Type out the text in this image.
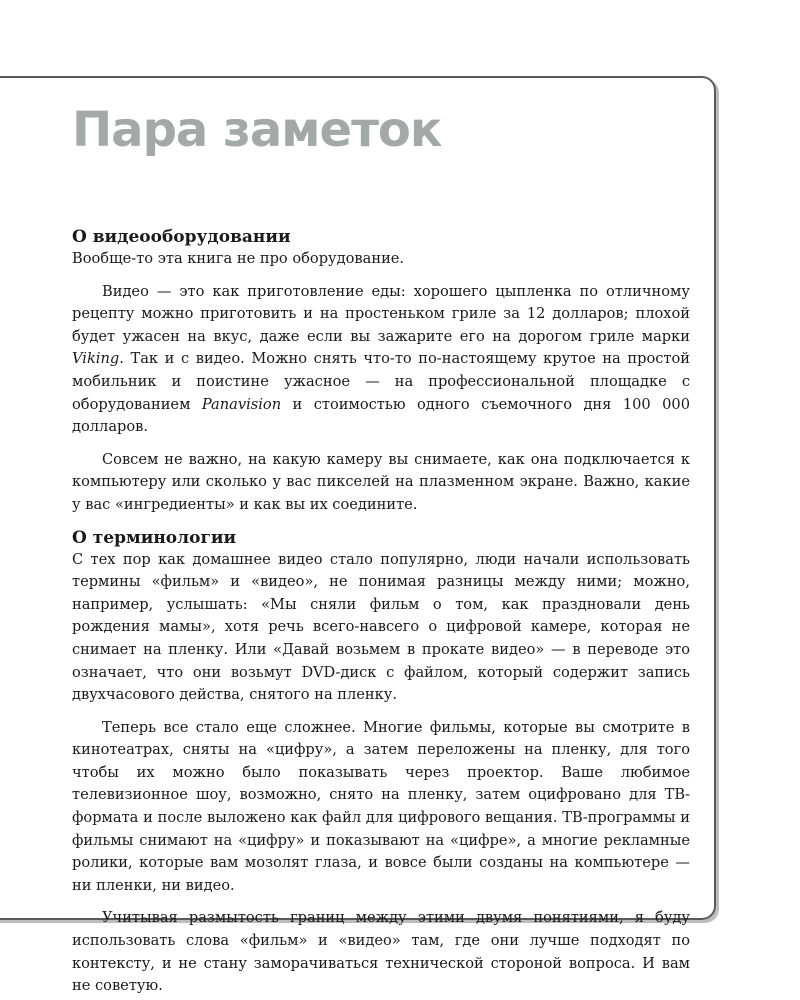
Пара заметок
О видеооборудовании

Вообще-то эта книга не про оборудование.

Видео — это как приготовление еды: хорошего цыпленка по отличному рецепту можно приготовить и на простеньком гриле за 12 долларов; плохой будет ужасен на вкус, даже если вы зажарите его на дорогом гриле марки Viking. Так и с видео. Можно снять что-то по-настоящему крутое на простой мобильник и поистине ужасное — на профессиональной площадке с оборудованием Panavision и стоимостью одного съемочного дня 100 000 долларов.

Совсем не важно, на какую камеру вы снимаете, как она подключается к компьютеру или сколько у вас пикселей на плазменном экране. Важно, какие у вас «ингредиенты» и как вы их соедините.

О терминологии

С тех пор как домашнее видео стало популярно, люди начали использовать термины «фильм» и «видео», не понимая разницы между ними; можно, например, услышать: «Мы сняли фильм о том, как праздновали день рождения мамы», хотя речь всего-навсего о цифровой камере, которая не снимает на пленку. Или «Давай возьмем в прокате видео» — в переводе это означает, что они возьмут DVD-диск с файлом, который содержит запись двухчасового действа, снятого на пленку.

Теперь все стало еще сложнее. Многие фильмы, которые вы смотрите в кинотеатрах, сняты на «цифру», а затем переложены на пленку, для того чтобы их можно было показывать через проектор. Ваше любимое телевизионное шоу, возможно, снято на пленку, затем оцифровано для ТВ-формата и после выложено как файл для цифрового вещания. ТВ-программы и фильмы снимают на «цифру» и показывают на «цифре», а многие рекламные ролики, которые вам мозолят глаза, и вовсе были созданы на компьютере — ни пленки, ни видео.

Учитывая размытость границ между этими двумя понятиями, я буду использовать слова «фильм» и «видео» там, где они лучше подходят по контексту, и не стану заморачиваться технической стороной вопроса. И вам не советую.
